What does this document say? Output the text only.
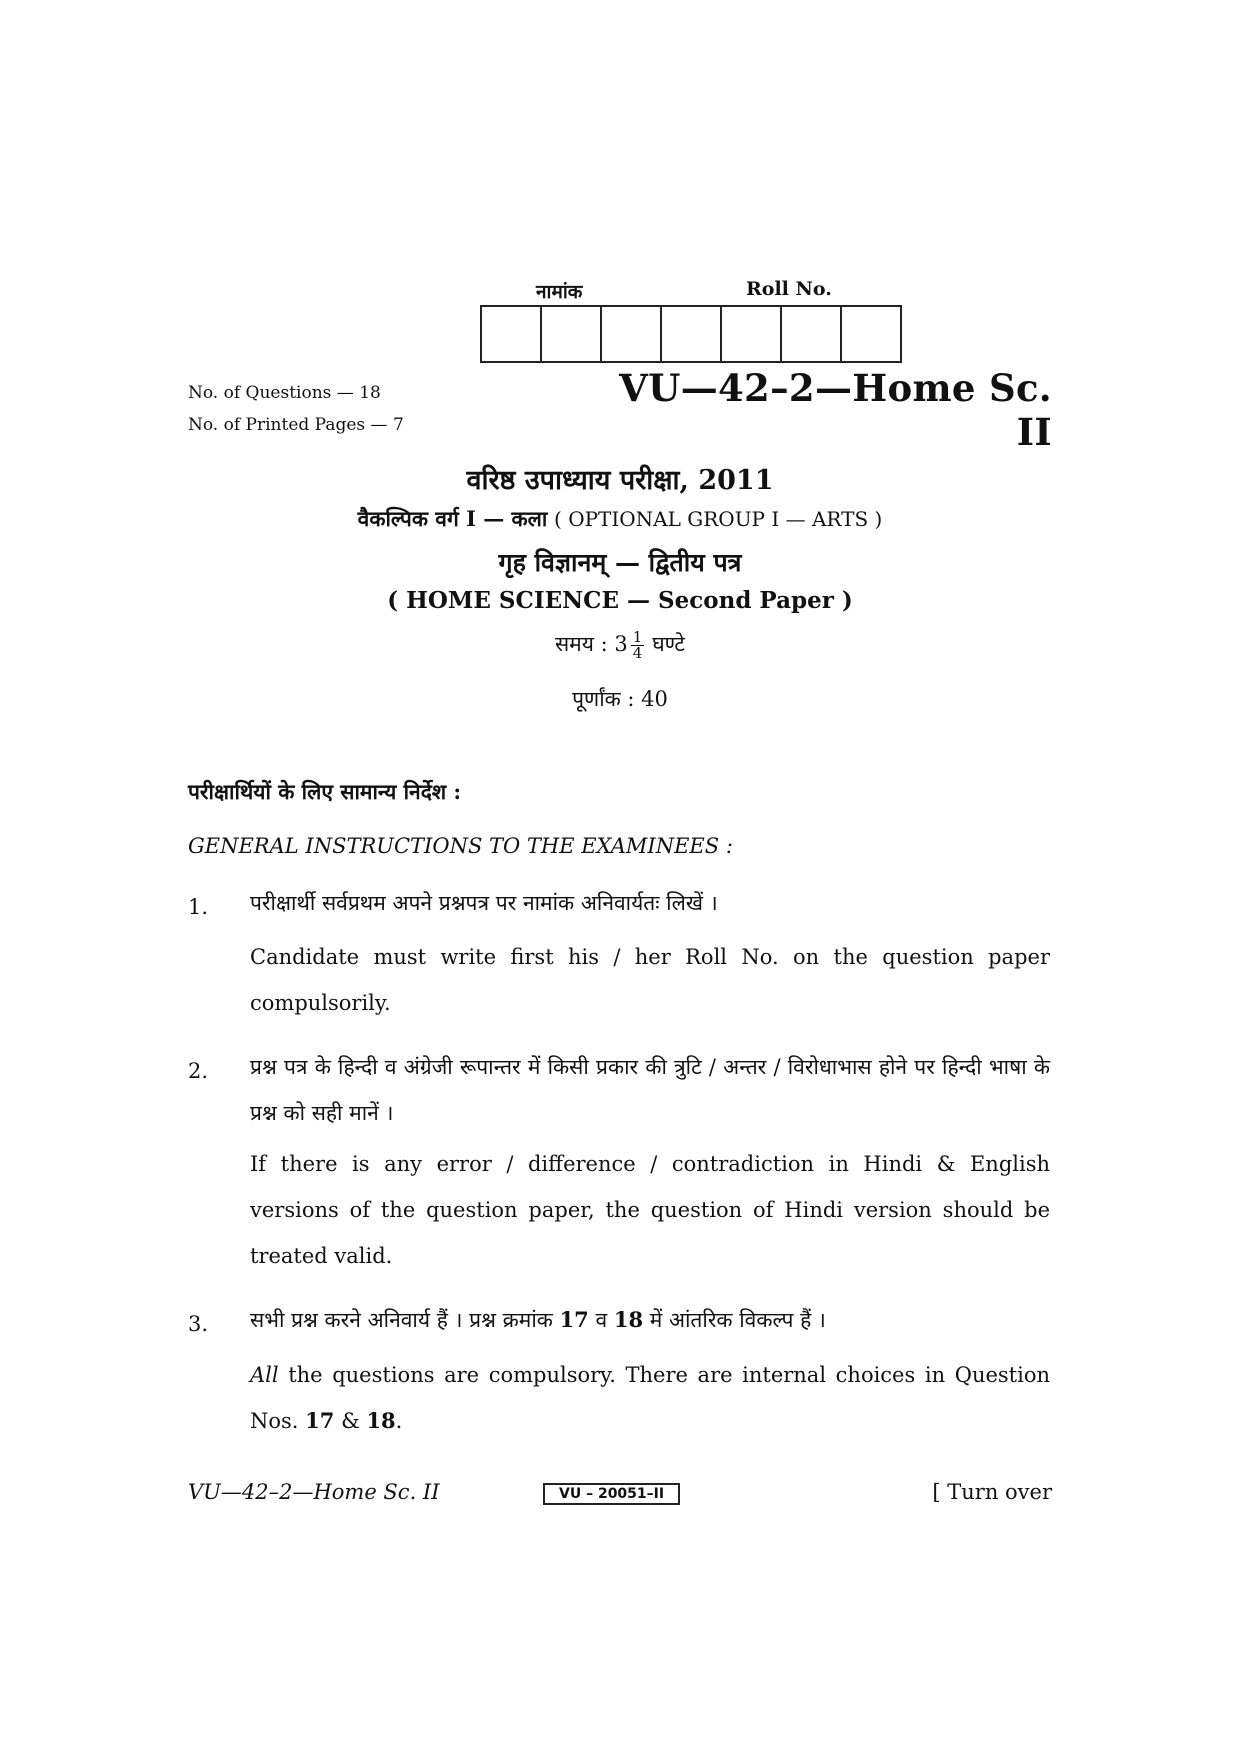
नामांक	Roll No.
No. of Questions — 18
No. of Printed Pages — 7
VU—42–2—Home Sc. II
वरिष्ठ उपाध्याय परीक्षा, 2011
वैकल्पिक वर्ग I — कला ( OPTIONAL GROUP I — ARTS )
गृह विज्ञानम् — द्वितीय पत्र
( HOME SCIENCE — Second Paper )
समय : $3 \frac{1}{4}$ घण्टे
पूर्णांक : 40
परीक्षार्थियों के लिए सामान्य निर्देश :
GENERAL INSTRUCTIONS TO THE EXAMINEES :
1.	परीक्षार्थी सर्वप्रथम अपने प्रश्नपत्र पर नामांक अनिवार्यतः लिखें ।
Candidate must write first his / her Roll No. on the question paper compulsorily.
2.	प्रश्न पत्र के हिन्दी व अंग्रेजी रूपान्तर में किसी प्रकार की त्रुटि / अन्तर / विरोधाभास होने पर हिन्दी भाषा के प्रश्न को सही मानें ।
If there is any error / difference / contradiction in Hindi & English versions of the question paper, the question of Hindi version should be treated valid.
3.	सभी प्रश्न करने अनिवार्य हैं । प्रश्न क्रमांक 17 व 18 में आंतरिक विकल्प हैं ।
All the questions are compulsory. There are internal choices in Question Nos. 17 & 18.
VU—42–2—Home Sc. II	VU – 20051–II	[ Turn over
